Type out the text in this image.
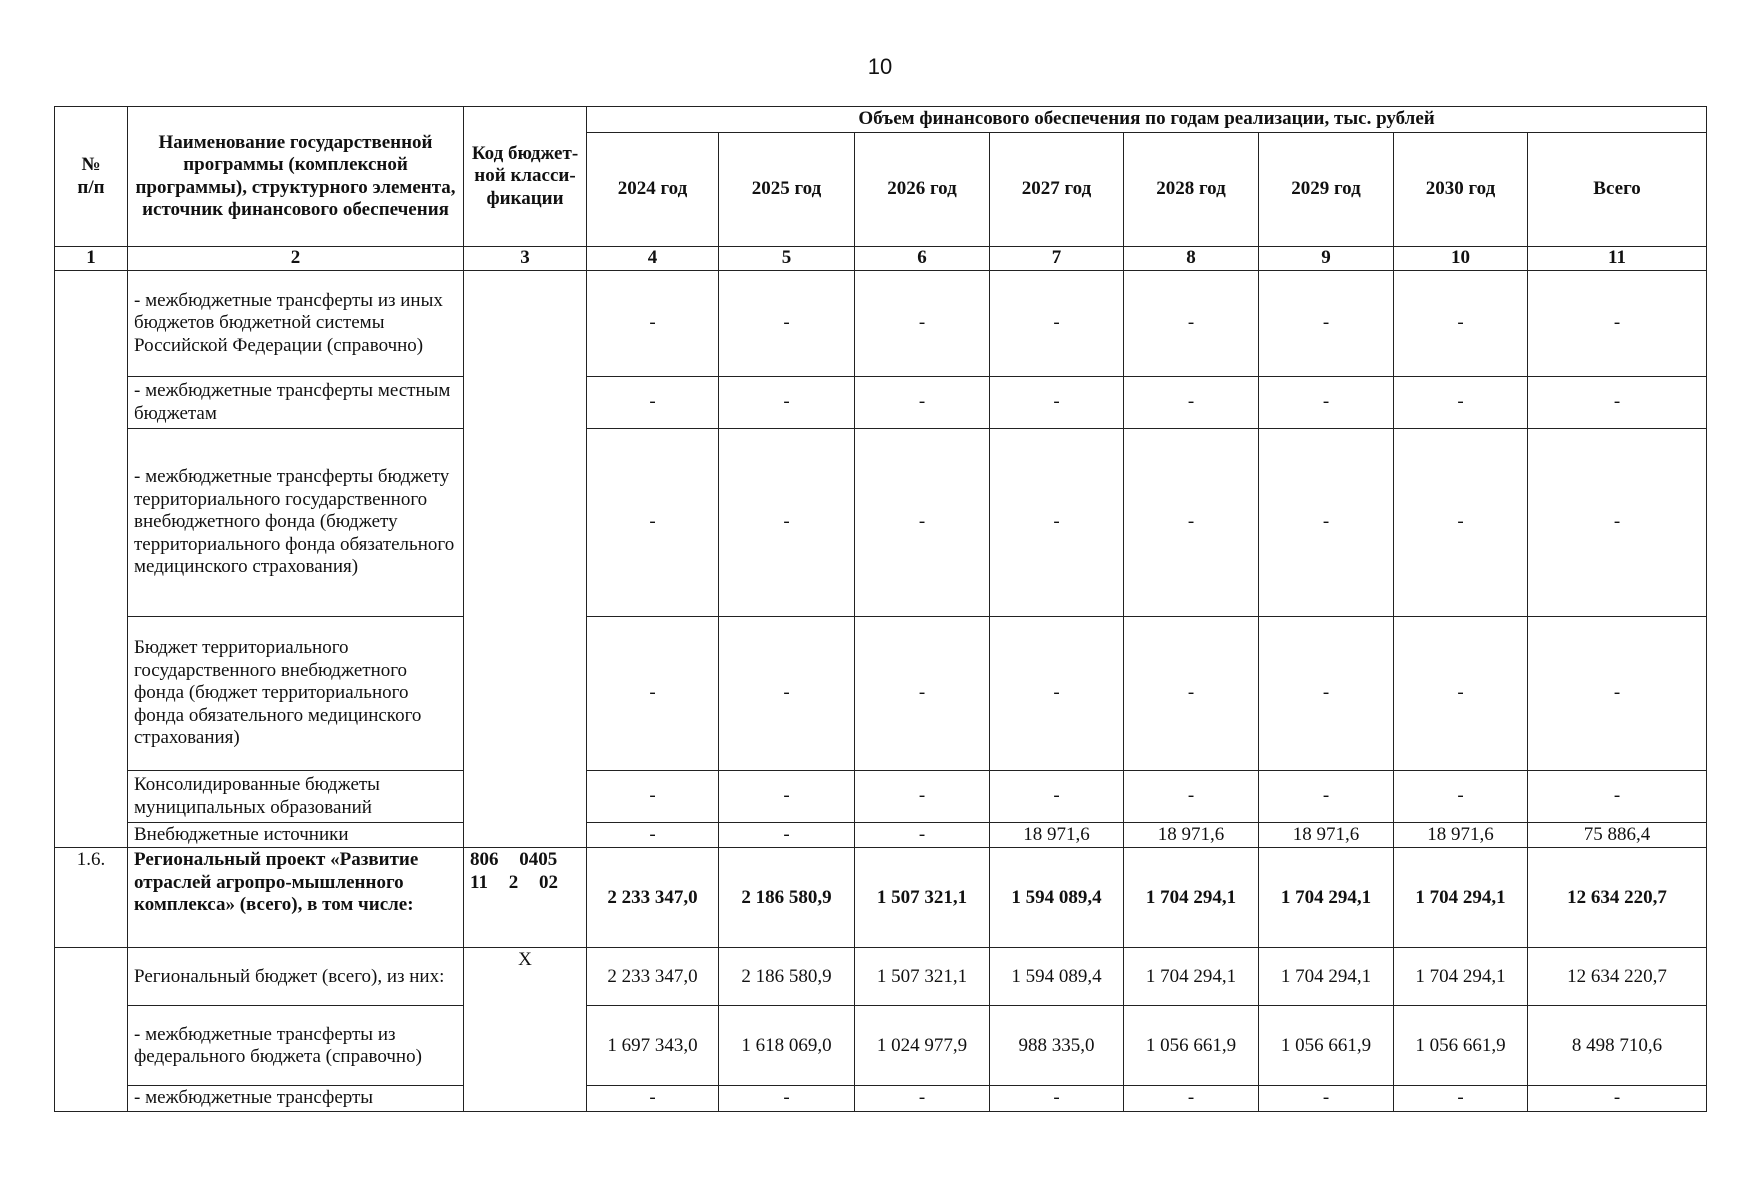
10
№
п/п	Наименование государственной программы (комплексной программы), структурного элемента, источник финансового обеспечения	Код бюджет-ной класси-фикации	Объем финансового обеспечения по годам реализации, тыс. рублей							
			2024 год	2025 год	2026 год	2027 год	2028 год	2029 год	2030 год	Всего
1	2	3	4	5	6	7	8	9	10	11
	- межбюджетные трансферты из иных бюджетов бюджетной системы Российской Федерации (справочно)		-	-	-	-	-	-	-	-
	- межбюджетные трансферты местным бюджетам		-	-	-	-	-	-	-	-
	- межбюджетные трансферты бюджету территориального государственного внебюджетного фонда (бюджету территориального фонда обязательного медицинского страхования)		-	-	-	-	-	-	-	-
	Бюджет территориального государственного внебюджетного фонда (бюджет территориального фонда обязательного медицинского страхования)		-	-	-	-	-	-	-	-
	Консолидированные бюджеты муниципальных образований		-	-	-	-	-	-	-	-
	Внебюджетные источники		-	-	-	18 971,6	18 971,6	18 971,6	18 971,6	75 886,4
1.6.	Региональный проект «Развитие отраслей агропро-мышленного комплекса» (всего), в том числе:	806 0405 11 2 02	2 233 347,0	2 186 580,9	1 507 321,1	1 594 089,4	1 704 294,1	1 704 294,1	1 704 294,1	12 634 220,7
	Региональный бюджет (всего), из них:	X	2 233 347,0	2 186 580,9	1 507 321,1	1 594 089,4	1 704 294,1	1 704 294,1	1 704 294,1	12 634 220,7
	- межбюджетные трансферты из федерального бюджета (справочно)		1 697 343,0	1 618 069,0	1 024 977,9	988 335,0	1 056 661,9	1 056 661,9	1 056 661,9	8 498 710,6
	- межбюджетные трансферты		-	-	-	-	-	-	-	-
